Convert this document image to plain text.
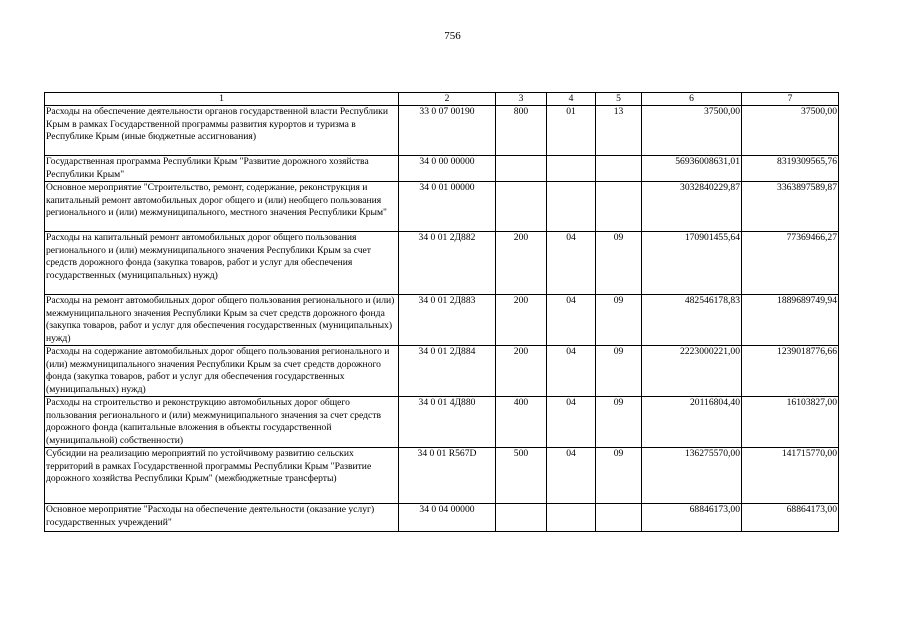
756
1	2	3	4	5	6	7
Расходы на обеспечение деятельности органов государственной власти Республики Крым в рамках Государственной программы развития курортов и туризма в Республике Крым (иные бюджетные ассигнования)	33 0 07 00190	800	01	13	37500,00	37500,00
Государственная программа Республики Крым "Развитие дорожного хозяйства Республики Крым"	34 0 00 00000				56936008631,01	8319309565,76
Основное мероприятие "Строительство, ремонт, содержание, реконструкция и капитальный ремонт автомобильных дорог общего и (или) необщего пользования регионального и (или) межмуниципального, местного значения Республики Крым"	34 0 01 00000				3032840229,87	3363897589,87
Расходы на капитальный ремонт автомобильных дорог общего пользования регионального и (или) межмуниципального значения Республики Крым за счет средств дорожного фонда (закупка товаров, работ и услуг для обеспечения государственных (муниципальных) нужд)	34 0 01 2Д882	200	04	09	170901455,64	77369466,27
Расходы на ремонт автомобильных дорог общего пользования регионального и (или) межмуниципального значения Республики Крым за счет средств дорожного фонда (закупка товаров, работ и услуг для обеспечения государственных (муниципальных) нужд)	34 0 01 2Д883	200	04	09	482546178,83	1889689749,94
Расходы на содержание автомобильных дорог общего пользования регионального и (или) межмуниципального значения Республики Крым за счет средств дорожного фонда (закупка товаров, работ и услуг для обеспечения государственных (муниципальных) нужд)	34 0 01 2Д884	200	04	09	2223000221,00	1239018776,66
Расходы на строительство и реконструкцию автомобильных дорог общего пользования регионального и (или) межмуниципального значения за счет средств дорожного фонда (капитальные вложения в объекты государственной (муниципальной) собственности)	34 0 01 4Д880	400	04	09	20116804,40	16103827,00
Субсидии на реализацию мероприятий по устойчивому развитию сельских территорий в рамках Государственной программы Республики Крым "Развитие дорожного хозяйства Республики Крым" (межбюджетные трансферты)	34 0 01 R567D	500	04	09	136275570,00	141715770,00
Основное мероприятие "Расходы на обеспечение деятельности (оказание услуг) государственных учреждений"	34 0 04 00000				68846173,00	68864173,00
